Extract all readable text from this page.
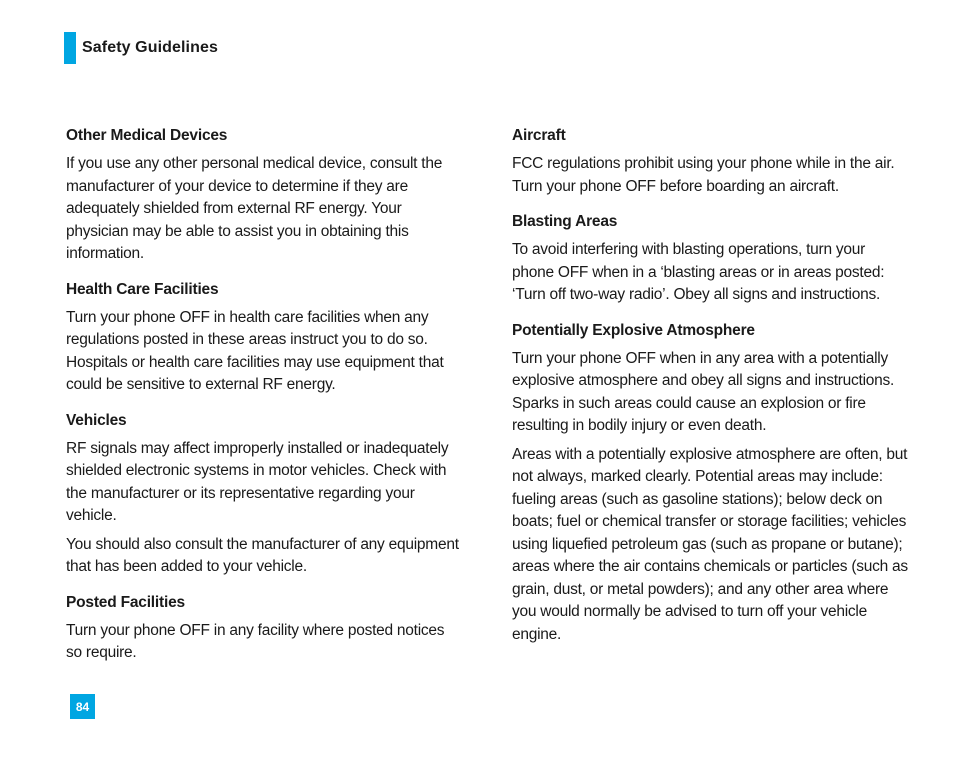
Safety Guidelines
Other Medical Devices

If you use any other personal medical device, consult the manufacturer of your device to determine if they are adequately shielded from external RF energy. Your physician may be able to assist you in obtaining this information.

Health Care Facilities

Turn your phone OFF in health care facilities when any regulations posted in these areas instruct you to do so. Hospitals or health care facilities may use equipment that could be sensitive to external RF energy.

Vehicles

RF signals may affect improperly installed or inadequately shielded electronic systems in motor vehicles. Check with the manufacturer or its representative regarding your vehicle.

You should also consult the manufacturer of any equipment that has been added to your vehicle.

Posted Facilities

Turn your phone OFF in any facility where posted notices so require.

Aircraft

FCC regulations prohibit using your phone while in the air. Turn your phone OFF before boarding an aircraft.

Blasting Areas

To avoid interfering with blasting operations, turn your phone OFF when in a ‘blasting areas or in areas posted: ‘Turn off two-way radio’. Obey all signs and instructions.

Potentially Explosive Atmosphere

Turn your phone OFF when in any area with a potentially explosive atmosphere and obey all signs and instructions. Sparks in such areas could cause an explosion or fire resulting in bodily injury or even death.

Areas with a potentially explosive atmosphere are often, but not always, marked clearly. Potential areas may include: fueling areas (such as gasoline stations); below deck on boats; fuel or chemical transfer or storage facilities; vehicles using liquefied petroleum gas (such as propane or butane); areas where the air contains chemicals or particles (such as grain, dust, or metal powders); and any other area where you would normally be advised to turn off your vehicle engine.

84
